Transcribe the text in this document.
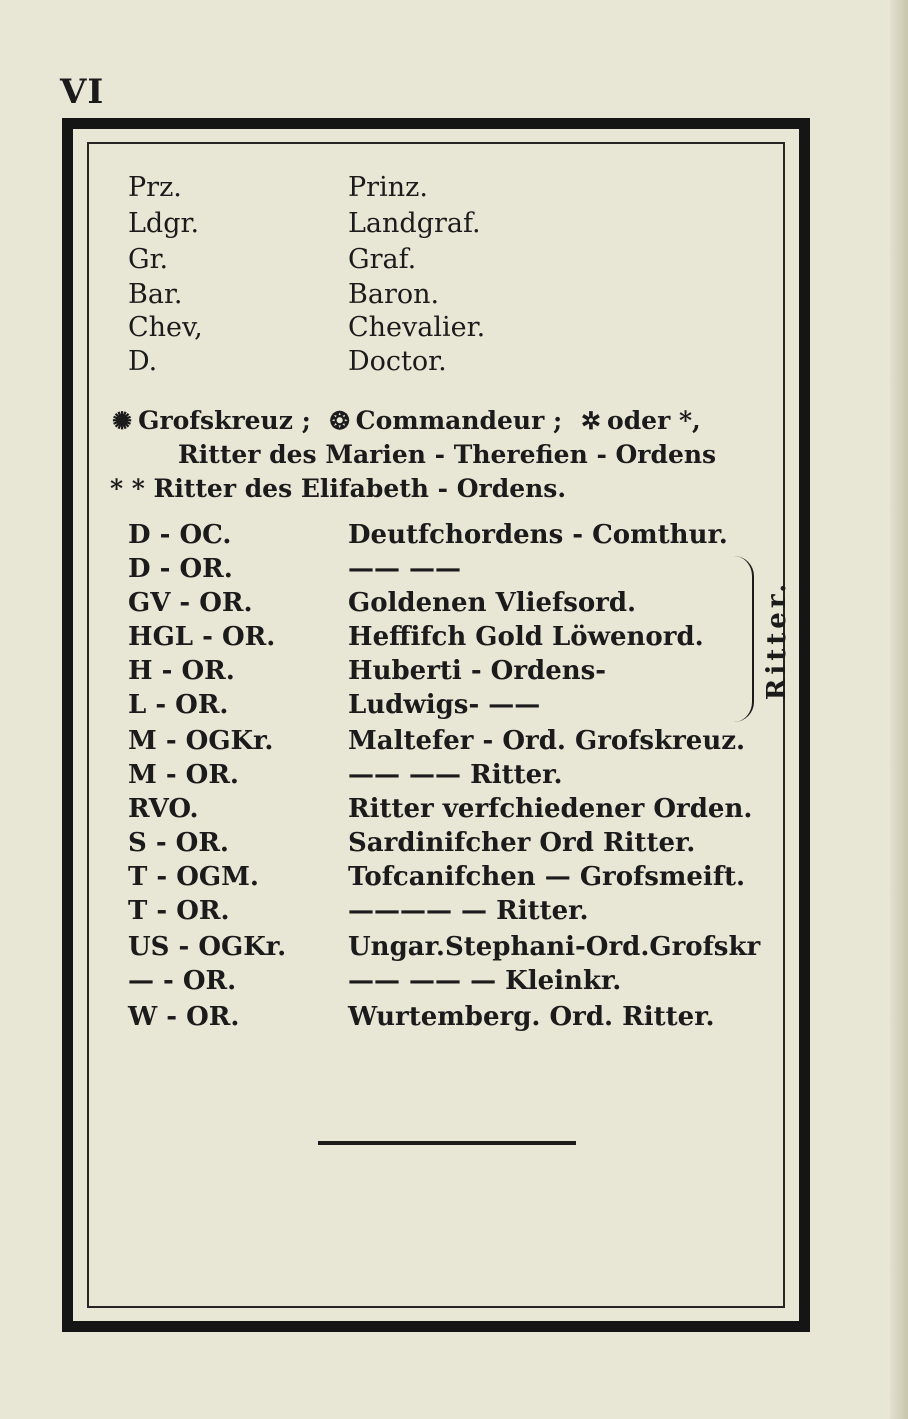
VI
Prz.	Prinz.
Ldgr.	Landgraf.
Gr.	Graf.
Bar.	Baron.
Chev,	Chevalier.
D.	Doctor.
✺ Grofskreuz ; ❂ Commandeur ; ✲ oder *,
Ritter des Marien - Therefien - Ordens
* * Ritter des Elifabeth - Ordens.
D - OC.	Deutfchordens - Comthur.
D - OR.	—— ——
GV - OR.	Goldenen Vliefsord.
HGL - OR.	Heffifch Gold Löwenord.
H - OR.	Huberti - Ordens-
L - OR.	Ludwigs- ——
M - OGKr.	Maltefer - Ord. Grofskreuz.
M - OR.	—— —— Ritter.
RVO.	Ritter verfchiedener Orden.
S - OR.	Sardinifcher Ord Ritter.
T - OGM.	Tofcanifchen — Grofsmeift.
T - OR.	———— — Ritter.
US - OGKr. Ungar.Stephani-Ord.Grofskr
— - OR.	—— —— — Kleinkr.
W - OR.	Wurtemberg. Ord. Ritter.
Ritter.
